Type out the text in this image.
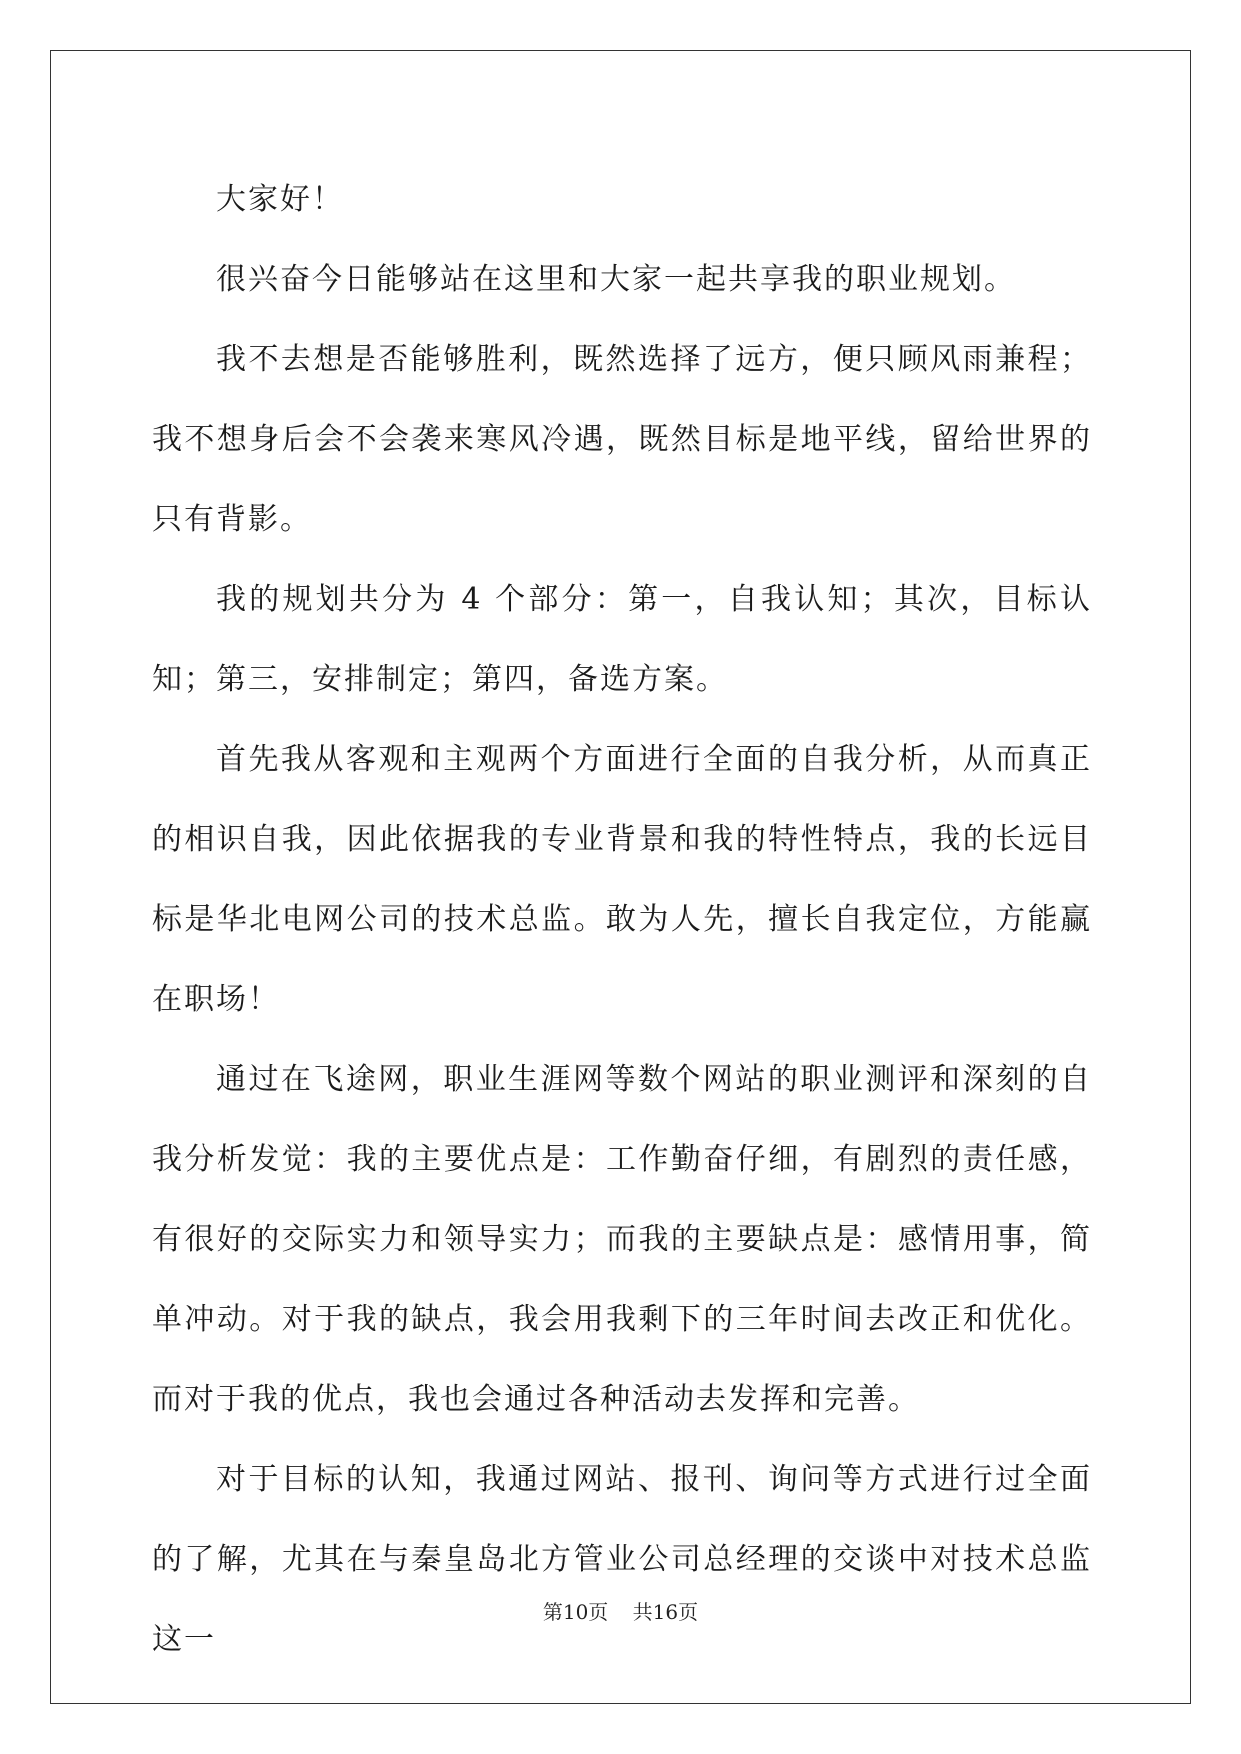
大家好！

很兴奋今日能够站在这里和大家一起共享我的职业规划。

我不去想是否能够胜利，既然选择了远方，便只顾风雨兼程；我不想身后会不会袭来寒风冷遇，既然目标是地平线，留给世界的只有背影。

我的规划共分为 4 个部分：第一，自我认知；其次，目标认知；第三，安排制定；第四，备选方案。

首先我从客观和主观两个方面进行全面的自我分析，从而真正的相识自我，因此依据我的专业背景和我的特性特点，我的长远目标是华北电网公司的技术总监。敢为人先，擅长自我定位，方能赢在职场！

通过在飞途网，职业生涯网等数个网站的职业测评和深刻的自我分析发觉：我的主要优点是：工作勤奋仔细，有剧烈的责任感，有很好的交际实力和领导实力；而我的主要缺点是：感情用事，简单冲动。对于我的缺点，我会用我剩下的三年时间去改正和优化。而对于我的优点，我也会通过各种活动去发挥和完善。

对于目标的认知，我通过网站、报刊、询问等方式进行过全面的了解，尤其在与秦皇岛北方管业公司总经理的交谈中对技术总监这一

第10页 共16页
